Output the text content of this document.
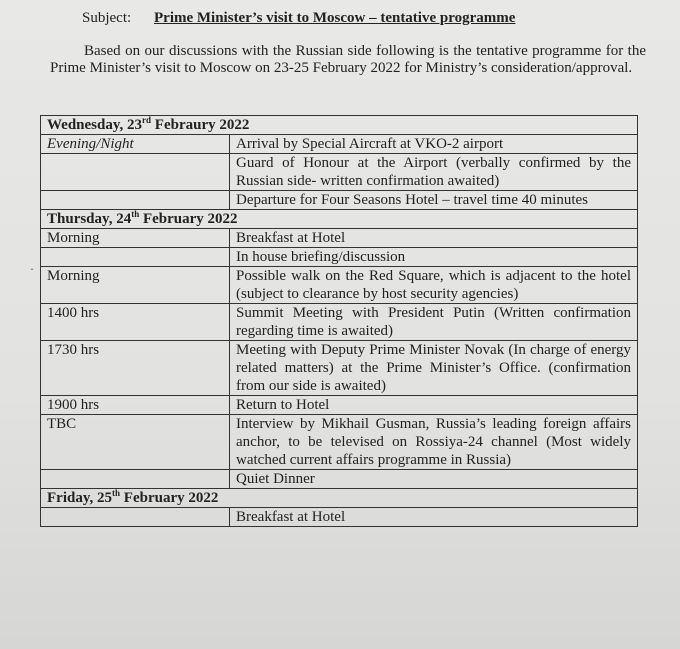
Subject: Prime Minister’s visit to Moscow – tentative programme
Based on our discussions with the Russian side following is the tentative programme for the Prime Minister’s visit to Moscow on 23-25 February 2022 for Ministry’s consideration/approval.
·
Wednesday, 23rd Febraury 2022	
Evening/Night	Arrival by Special Aircraft at VKO-2 airport
	Guard of Honour at the Airport (verbally confirmed by the Russian side- written confirmation awaited)
	Departure for Four Seasons Hotel – travel time 40 minutes
Thursday, 24th February 2022	
Morning	Breakfast at Hotel
	In house briefing/discussion
Morning	Possible walk on the Red Square, which is adjacent to the hotel (subject to clearance by host security agencies)
1400 hrs	Summit Meeting with President Putin (Written confirmation regarding time is awaited)
1730 hrs	Meeting with Deputy Prime Minister Novak (In charge of energy related matters) at the Prime Minister’s Office. (confirmation from our side is awaited)
1900 hrs	Return to Hotel
TBC	Interview by Mikhail Gusman, Russia’s leading foreign affairs anchor, to be televised on Rossiya-24 channel (Most widely watched current affairs programme in Russia)
	Quiet Dinner
Friday, 25th February 2022	
	Breakfast at Hotel
